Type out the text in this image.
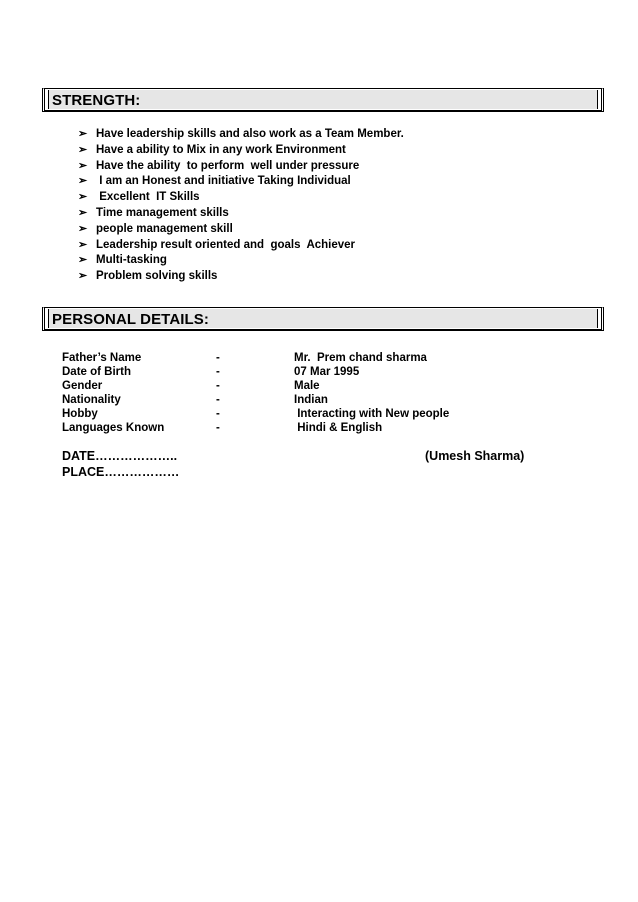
STRENGTH:
➢ Have leadership skills and also work as a Team Member.
➢ Have a ability to Mix in any work Environment
➢ Have the ability  to perform  well under pressure
➢ I am an Honest and initiative Taking Individual
➢ Excellent  IT Skills
➢ Time management skills
➢ people management skill
➢ Leadership result oriented and  goals  Achiever
➢ Multi-tasking
➢ Problem solving skills
PERSONAL DETAILS:
Father’s Name	-	Mr.  Prem chand sharma
Date of Birth	-	07 Mar 1995
Gender	-	Male
Nationality	-	Indian
Hobby	-	Interacting with New people
Languages Known	-	Hindi & English
DATE………………..
PLACE………………
(Umesh Sharma)
